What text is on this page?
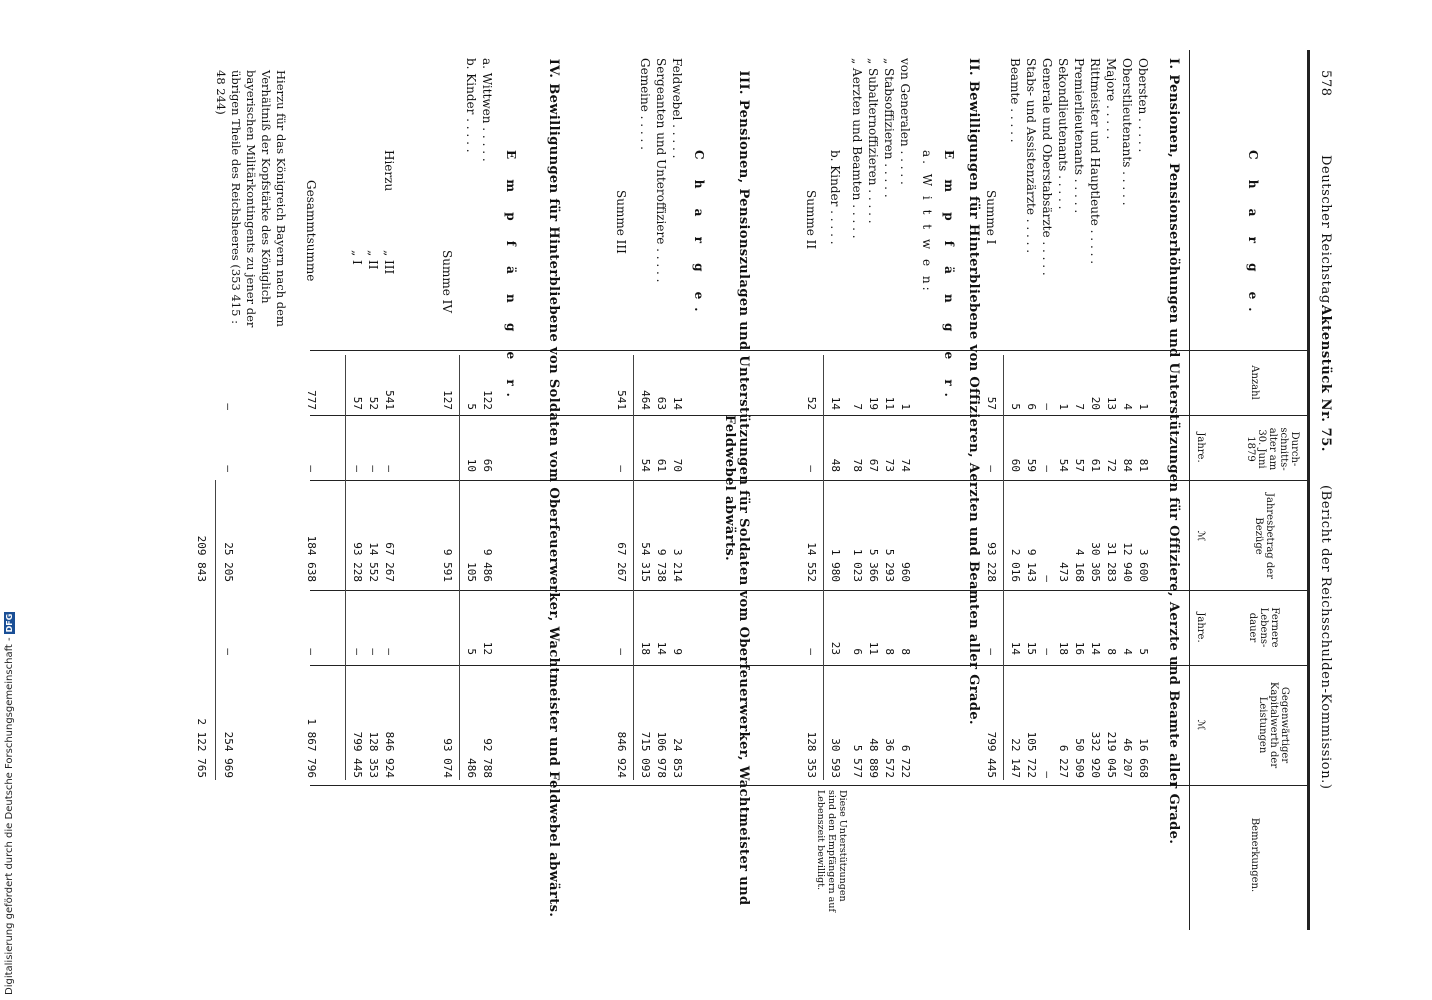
578
Deutscher Reichstag.
Aktenstück Nr. 75.
(Bericht der Reichsschulden-Kommission.)
C h a r g e.
Anzahl
Durch- schnitts- alter am 30. Juni 1879
Jahre.
Jahresbetrag der Bezüge
ℳ
Fernere Lebens- dauer
Jahre.
Gegenwärtiger Kapitalwerth der Leistungen
ℳ
Bemerkungen.
I. Pensionen, Pensionserhöhungen und Unterstützungen für Offiziere, Aerzte und Beamte aller Grade.
II. Bewilligungen für Hinterbliebene von Offizieren, Aerzten und Beamten aller Grade.
E m p f ä n g e r.
a. W i t t w e n:
Diese Unterstützungen sind den Empfängern auf Lebenszeit bewilligt.
III. Pensionen, Pensionszulagen und Unterstützungen für Soldaten vom Oberfeuerwerker, Wachtmeister und Feldwebel abwärts.
C h a r g e.
IV. Bewilligungen für Hinterbliebene von Soldaten vom Oberfeuerwerker, Wachtmeister und Feldwebel abwärts.
E m p f ä n g e r.
Hierzu
Hierzu für das Königreich Bayern nach dem Verhältniß der Kopfstärke des Königlich bayerischen Militärkontingents zu jener der übrigen Theile des Reichsheeres (353 415 : 48 244)	Obersten . . . . .
1
81
3 600
5
16 668
Oberstlieutenants . . . . .
4
84
12 940
4
46 207
Majore . . . . .
13
72
31 283
8
219 045
Rittmeister und Hauptleute . . . . .
20
61
30 305
14
332 920
Premierlieutenants . . . . .
7
57
4 168
16
50 509
Sekondlieutenants . . . . .
1
54
473
18
6 227
Generale und Oberstabsärzte . . . . .
—
—
—
—
—
Stabs- und Assistenzärzte . . . . .
6
59
9 143
15
105 722
Beamte . . . . .
5
60
2 016
14
22 147
Summe I
57
—
93 228
—
799 445
von Generalen . . . . .
1
74
960
8
6 722
„ Stabsoffizieren . . . . .
11
73
5 293
8
36 572
„ Subalternoffizieren . . . . .
19
67
5 366
11
48 889
„ Aerzten und Beamten . . . . .
7
78
1 023
6
5 577
b. Kinder . . . . .
14
48
1 980
23
30 593
Summe II
52
—
14 552
—
128 353
Feldwebel . . . . .
14
70
3 214
9
24 853
Sergeanten und Unteroffiziere . . . . .
63
61
9 738
14
106 978
Gemeine . . . . .
464
54
54 315
18
715 093
Summe III
541
—
67 267
—
846 924
a. Wittwen . . . . .
122
66
9 486
12
92 788
b. Kinder . . . . .
5
10
105
5
486
Summe IV
127
9 591
93 074
„ III
541
—
67 267
—
846 924
„ II
52
—
14 552
—
128 353
„ I
57
—
93 228
—
799 445
Gesammtsumme
777
—
184 638
—
1 867 796
—
—
25 205
—
254 969
209 843
2 122 765
Digitalisierung gefördert durch die Deutsche Forschungsgemeinschaft -DFG
